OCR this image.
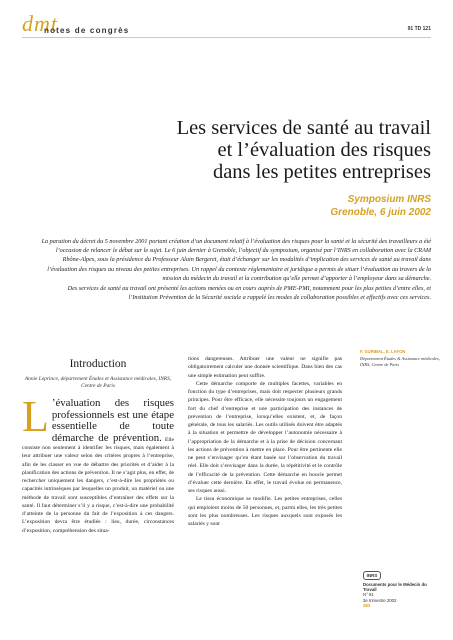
dmt
notes de congrès	91 TD 121
Les services de santé au travail
et l’évaluation des risques
dans les petites entreprises
Symposium INRS
Grenoble, 6 juin 2002

La parution du décret du 5 novembre 2001 portant création d’un document relatif à l’évaluation des risques pour la santé et la sécurité des travailleurs a été l’occasion de relancer le débat sur le sujet. Le 6 juin dernier à Grenoble, l’objectif du symposium, organisé par l’INRS en collaboration avec la CRAM Rhône-Alpes, sous la présidence du Professeur Alain Bergeret, était d’échanger sur les modalités d’implication des services de santé au travail dans l’évaluation des risques au niveau des petites entreprises. Un rappel du contexte réglementaire et juridique a permis de situer l’évaluation au travers de la mission du médecin du travail et la contribution qu’elle permet d’apporter à l’employeur dans sa démarche.

Des services de santé au travail ont présenté les actions menées ou en cours auprès de PME-PMI, notamment pour les plus petites d’entre elles, et l’Institution Prévention de la Sécurité sociale a rappelé les modes de collaboration possibles et effectifs avec ces services.

F. GURIBAL, E. LAFON
Département Études & Assistance médicales, INRS, Centre de Paris
Introduction
Annie Leprince, département Études et Assistance médicales, INRS, Centre de Paris
L ’évaluation des risques professionnels est une étape essentielle de toute démarche de prévention. Elle consiste non seulement à identifier les risques, mais également à leur attribuer une valeur selon des critères propres à l’entreprise, afin de les classer en vue de débattre des priorités et d’aider à la planification des actions de prévention. Il ne s’agit plus, en effet, de rechercher uniquement les dangers, c’est-à-dire les propriétés ou capacités intrinsèques par lesquelles un produit, un matériel ou une méthode de travail sont susceptibles d’entraîner des effets sur la santé. Il faut déterminer s’il y a risque, c’est-à-dire une probabilité d’atteinte de la personne du fait de l’exposition à ces dangers. L’exposition devra être étudiée : lieu, durée, circonstances d’exposition, compréhension des situa-

tions dangereuses. Attribuer une valeur ne signifie pas obligatoirement calculer une donnée scientifique. Dans bien des cas une simple estimation peut suffire.

Cette démarche comporte de multiples facettes, variables en fonction du type d’entreprises, mais doit respecter plusieurs grands principes. Pour être efficace, elle nécessite toujours un engagement fort du chef d’entreprise et une participation des instances de prévention de l’entreprise, lorsqu’elles existent, et, de façon générale, de tous les salariés. Les outils utilisés doivent être adaptés à la situation et permettre de développer l’autonomie nécessaire à l’appropriation de la démarche et à la prise de décision concernant les actions de prévention à mettre en place. Pour être pertinente elle ne peut s’envisager qu’en étant basée sur l’observation du travail réel. Elle doit s’envisager dans la durée, la répétitivité et le contrôle de l’efficacité de la prévention. Cette démarche en boucle permet d’évaluer cette dernière. En effet, le travail évolue en permanence, ses risques aussi.

Le tissu économique se modifie. Les petites entreprises, celles qui emploient moins de 50 personnes, et, parmi elles, les très petites sont les plus nombreuses. Les risques auxquels sont exposés les salariés y sont

INRS
Documents pour le Médecin du Travail
N° 91
3e trimestre 2002
283
